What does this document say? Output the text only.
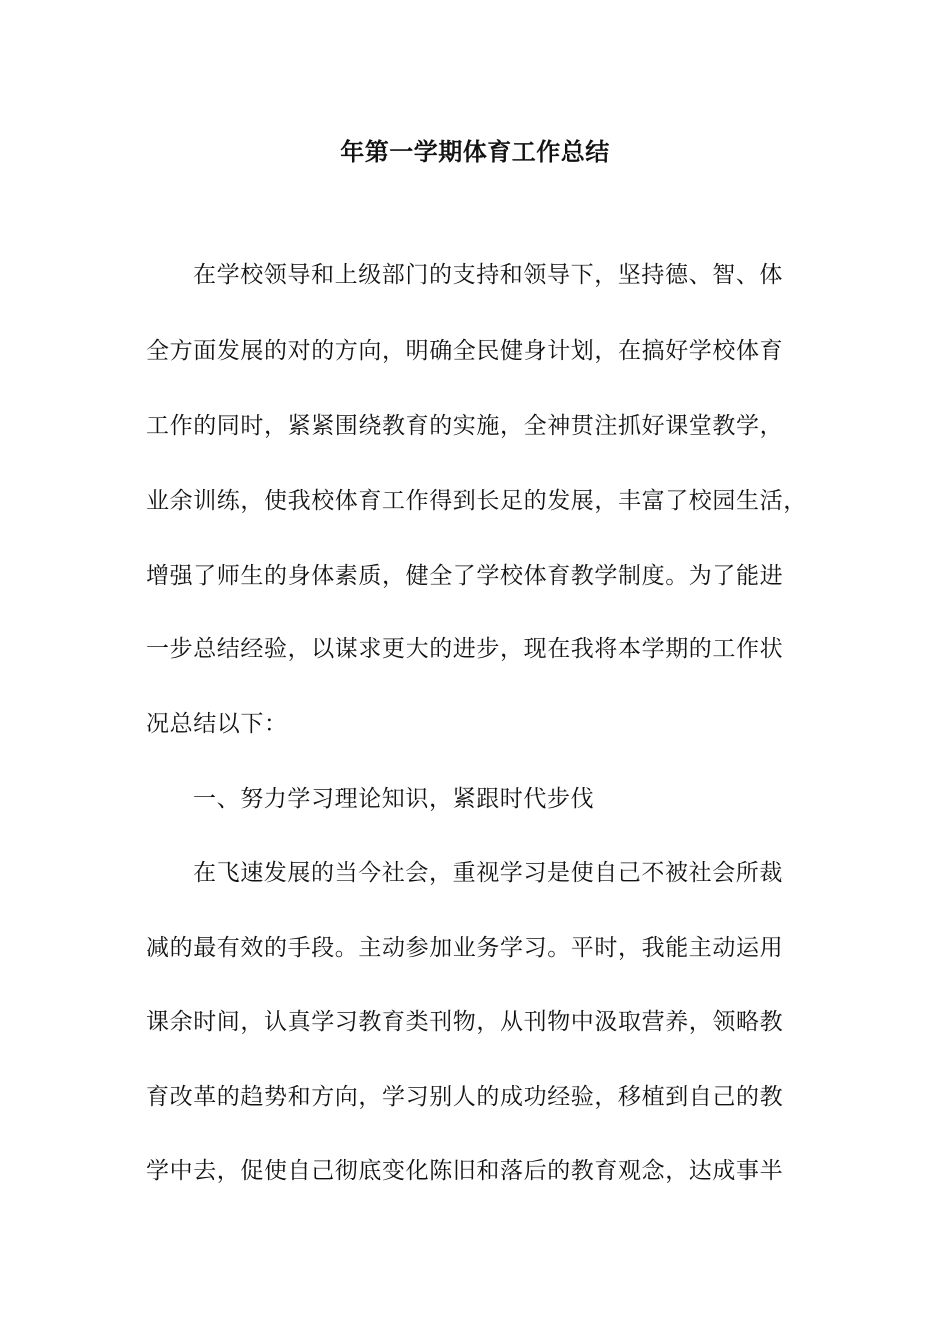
年第一学期体育工作总结
在学校领导和上级部门的支持和领导下，坚持德、智、体
全方面发展的对的方向，明确全民健身计划，在搞好学校体育
工作的同时，紧紧围绕教育的实施，全神贯注抓好课堂教学，
业余训练，使我校体育工作得到长足的发展，丰富了校园生活，
增强了师生的身体素质，健全了学校体育教学制度。为了能进
一步总结经验，以谋求更大的进步，现在我将本学期的工作状
况总结以下：
一、努力学习理论知识，紧跟时代步伐
在飞速发展的当今社会，重视学习是使自己不被社会所裁
减的最有效的手段。主动参加业务学习。平时，我能主动运用
课余时间，认真学习教育类刊物，从刊物中汲取营养，领略教
育改革的趋势和方向，学习别人的成功经验，移植到自己的教
学中去，促使自己彻底变化陈旧和落后的教育观念，达成事半
